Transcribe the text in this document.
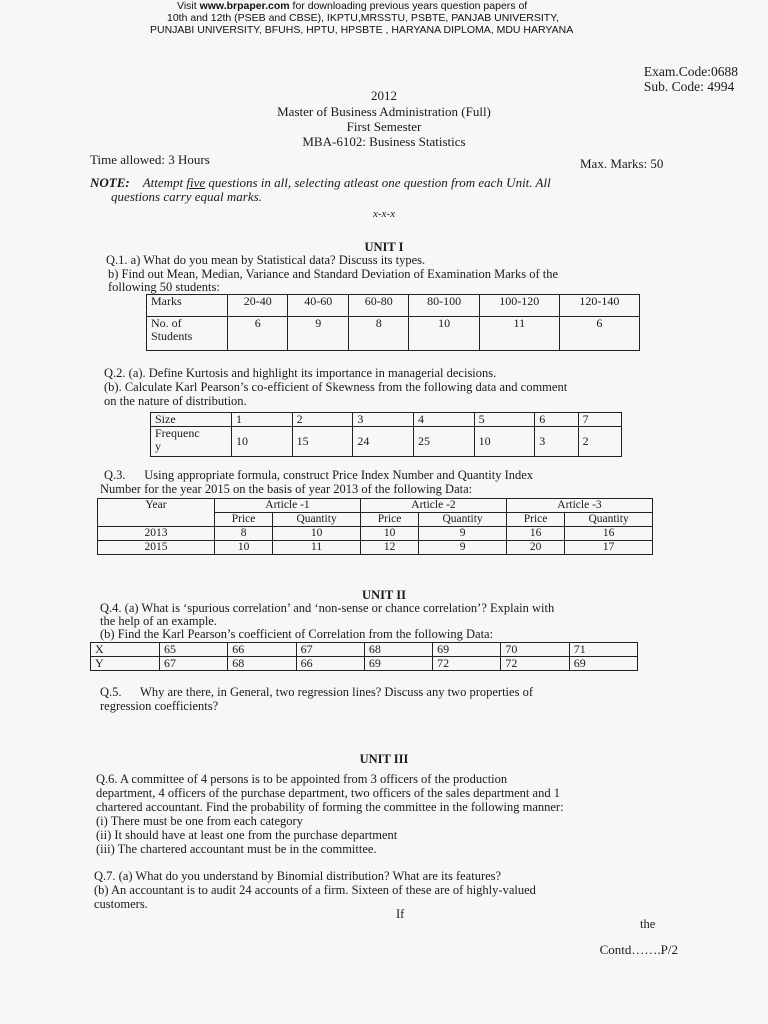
Visit www.brpaper.com for downloading previous years question papers of
10th and 12th (PSEB and CBSE), IKPTU,MRSSTU, PSBTE, PANJAB UNIVERSITY,
PUNJABI UNIVERSITY, BFUHS, HPTU, HPSBTE , HARYANA DIPLOMA, MDU HARYANA
Exam.Code:0688
Sub. Code: 4994
2012
Master of Business Administration (Full)
First Semester
MBA-6102: Business Statistics
Time allowed: 3 Hours	Max. Marks: 50
NOTE: Attempt five questions in all, selecting atleast one question from each Unit. All
questions carry equal marks.
x-x-x
UNIT I
Q.1. a) What do you mean by Statistical data? Discuss its types.
b) Find out Mean, Median, Variance and Standard Deviation of Examination Marks of the
following 50 students:
Marks	20-40	40-60	60-80	80-100	100-120	120-140
No. of
Students	6	9	8	10	11	6
Q.2. (a). Define Kurtosis and highlight its importance in managerial decisions.
(b). Calculate Karl Pearson’s co-efficient of Skewness from the following data and comment
on the nature of distribution.
Size	1	2	3	4	5	6	7
Frequenc
y	10	15	24	25	10	3	2
Q.3.      Using appropriate formula, construct Price Index Number and Quantity Index
Number for the year 2015 on the basis of year 2013 of the following Data:
Year	Article -1		Article -2		Article -3	
	Price	Quantity	Price	Quantity	Price	Quantity
2013	8	10	10	9	16	16
2015	10	11	12	9	20	17
UNIT II
Q.4. (a) What is ‘spurious correlation’ and ‘non-sense or chance correlation’? Explain with
the help of an example.
(b) Find the Karl Pearson’s coefficient of Correlation from the following Data:
X	65	66	67	68	69	70	71
Y	67	68	66	69	72	72	69
Q.5.      Why are there, in General, two regression lines? Discuss any two properties of
regression coefficients?
UNIT III
Q.6. A committee of 4 persons is to be appointed from 3 officers of the production
department, 4 officers of the purchase department, two officers of the sales department and 1
chartered accountant. Find the probability of forming the committee in the following manner:
(i) There must be one from each category
(ii) It should have at least one from the purchase department
(iii) The chartered accountant must be in the committee.
Q.7. (a) What do you understand by Binomial distribution? What are its features?
(b) An accountant is to audit 24 accounts of a firm. Sixteen of these are of highly-valued
customers.
If
the
Contd…….P/2
